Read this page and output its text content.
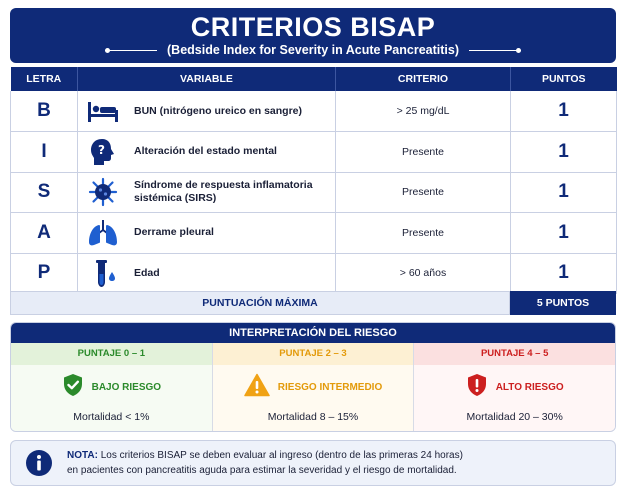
CRITERIOS BISAP
(Bedside Index for Severity in Acute Pancreatitis)
LETRA	VARIABLE	CRITERIO	PUNTOS
B	BUN (nitrógeno ureico en sangre)	> 25 mg/dL	1
I	? Alteración del estado mental	Presente	1
S	Síndrome de respuesta inflamatoria sistémica (SIRS)	Presente	1
A	Derrame pleural	Presente	1
P	Edad	> 60 años	1
PUNTUACIÓN MÁXIMA	5 PUNTOS
INTERPRETACIÓN DEL RIESGO
PUNTAJE 0 – 1
BAJO RIESGO
Mortalidad < 1%
PUNTAJE 2 – 3
RIESGO INTERMEDIO
Mortalidad 8 – 15%
PUNTAJE 4 – 5
ALTO RIESGO
Mortalidad 20 – 30%
NOTA: Los criterios BISAP se deben evaluar al ingreso (dentro de las primeras 24 horas)
en pacientes con pancreatitis aguda para estimar la severidad y el riesgo de mortalidad.
